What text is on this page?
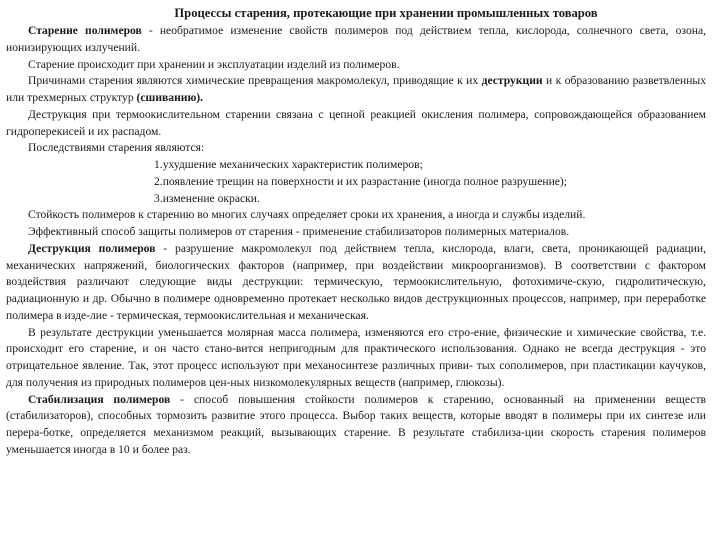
Процессы старения, протекающие при хранении промышленных товаров

Старение полимеров - необратимое изменение свойств полимеров под действием тепла, кислорода, солнечного света, озона, ионизирующих излучений.

Старение происходит при хранении и эксплуатации изделий из полимеров.

Причинами старения являются химические превращения макромолекул, приводящие к их деструкции и к образованию разветвленных или трехмерных структур (сшиванию).

Деструкция при термоокислительном старении связана с цепной реакцией окисления полимера, сопровождающейся образованием гидроперекисей и их распадом.

Последствиями старения являются:

1.ухудшение механических характеристик полимеров;
2.появление трещин на поверхности и их разрастание (иногда полное разрушение);
3.изменение окраски.

Стойкость полимеров к старению во многих случаях определяет сроки их хранения, а иногда и службы изделий.

Эффективный способ защиты полимеров от старения - применение стабилизаторов полимерных материалов.

Деструкция полимеров - разрушение макромолекул под действием тепла, кислорода, влаги, света, проникающей радиации, механических напряжений, биологических факторов (например, при воздействии микроорганизмов). В соответствии с фактором воздействия различают следующие виды деструкции: термическую, термоокислительную, фотохимиче-скую, гидролитическую, радиационную и др. Обычно в полимере одновременно протекает несколько видов деструкционных процессов, например, при переработке полимера в изде-лие - термическая, термоокислительная и механическая.

В результате деструкции уменьшается молярная масса полимера, изменяются его стро-ение, физические и химические свойства, т.е. происходит его старение, и он часто стано-вится непригодным для практического использования. Однако не всегда деструкция - это отрицательное явление. Так, этот процесс используют при механосинтезе различных приви- тых сополимеров, при пластикации каучуков, для получения из природных полимеров цен-ных низкомолекулярных веществ (например, глюкозы).

Стабилизация полимеров - способ повышения стойкости полимеров к старению, основанный на применении веществ (стабилизаторов), способных тормозить развитие этого процесса. Выбор таких веществ, которые вводят в полимеры при их синтезе или перера-ботке, определяется механизмом реакций, вызывающих старение. В результате стабилиза-ции скорость старения полимеров уменьшается иногда в 10 и более раз.
